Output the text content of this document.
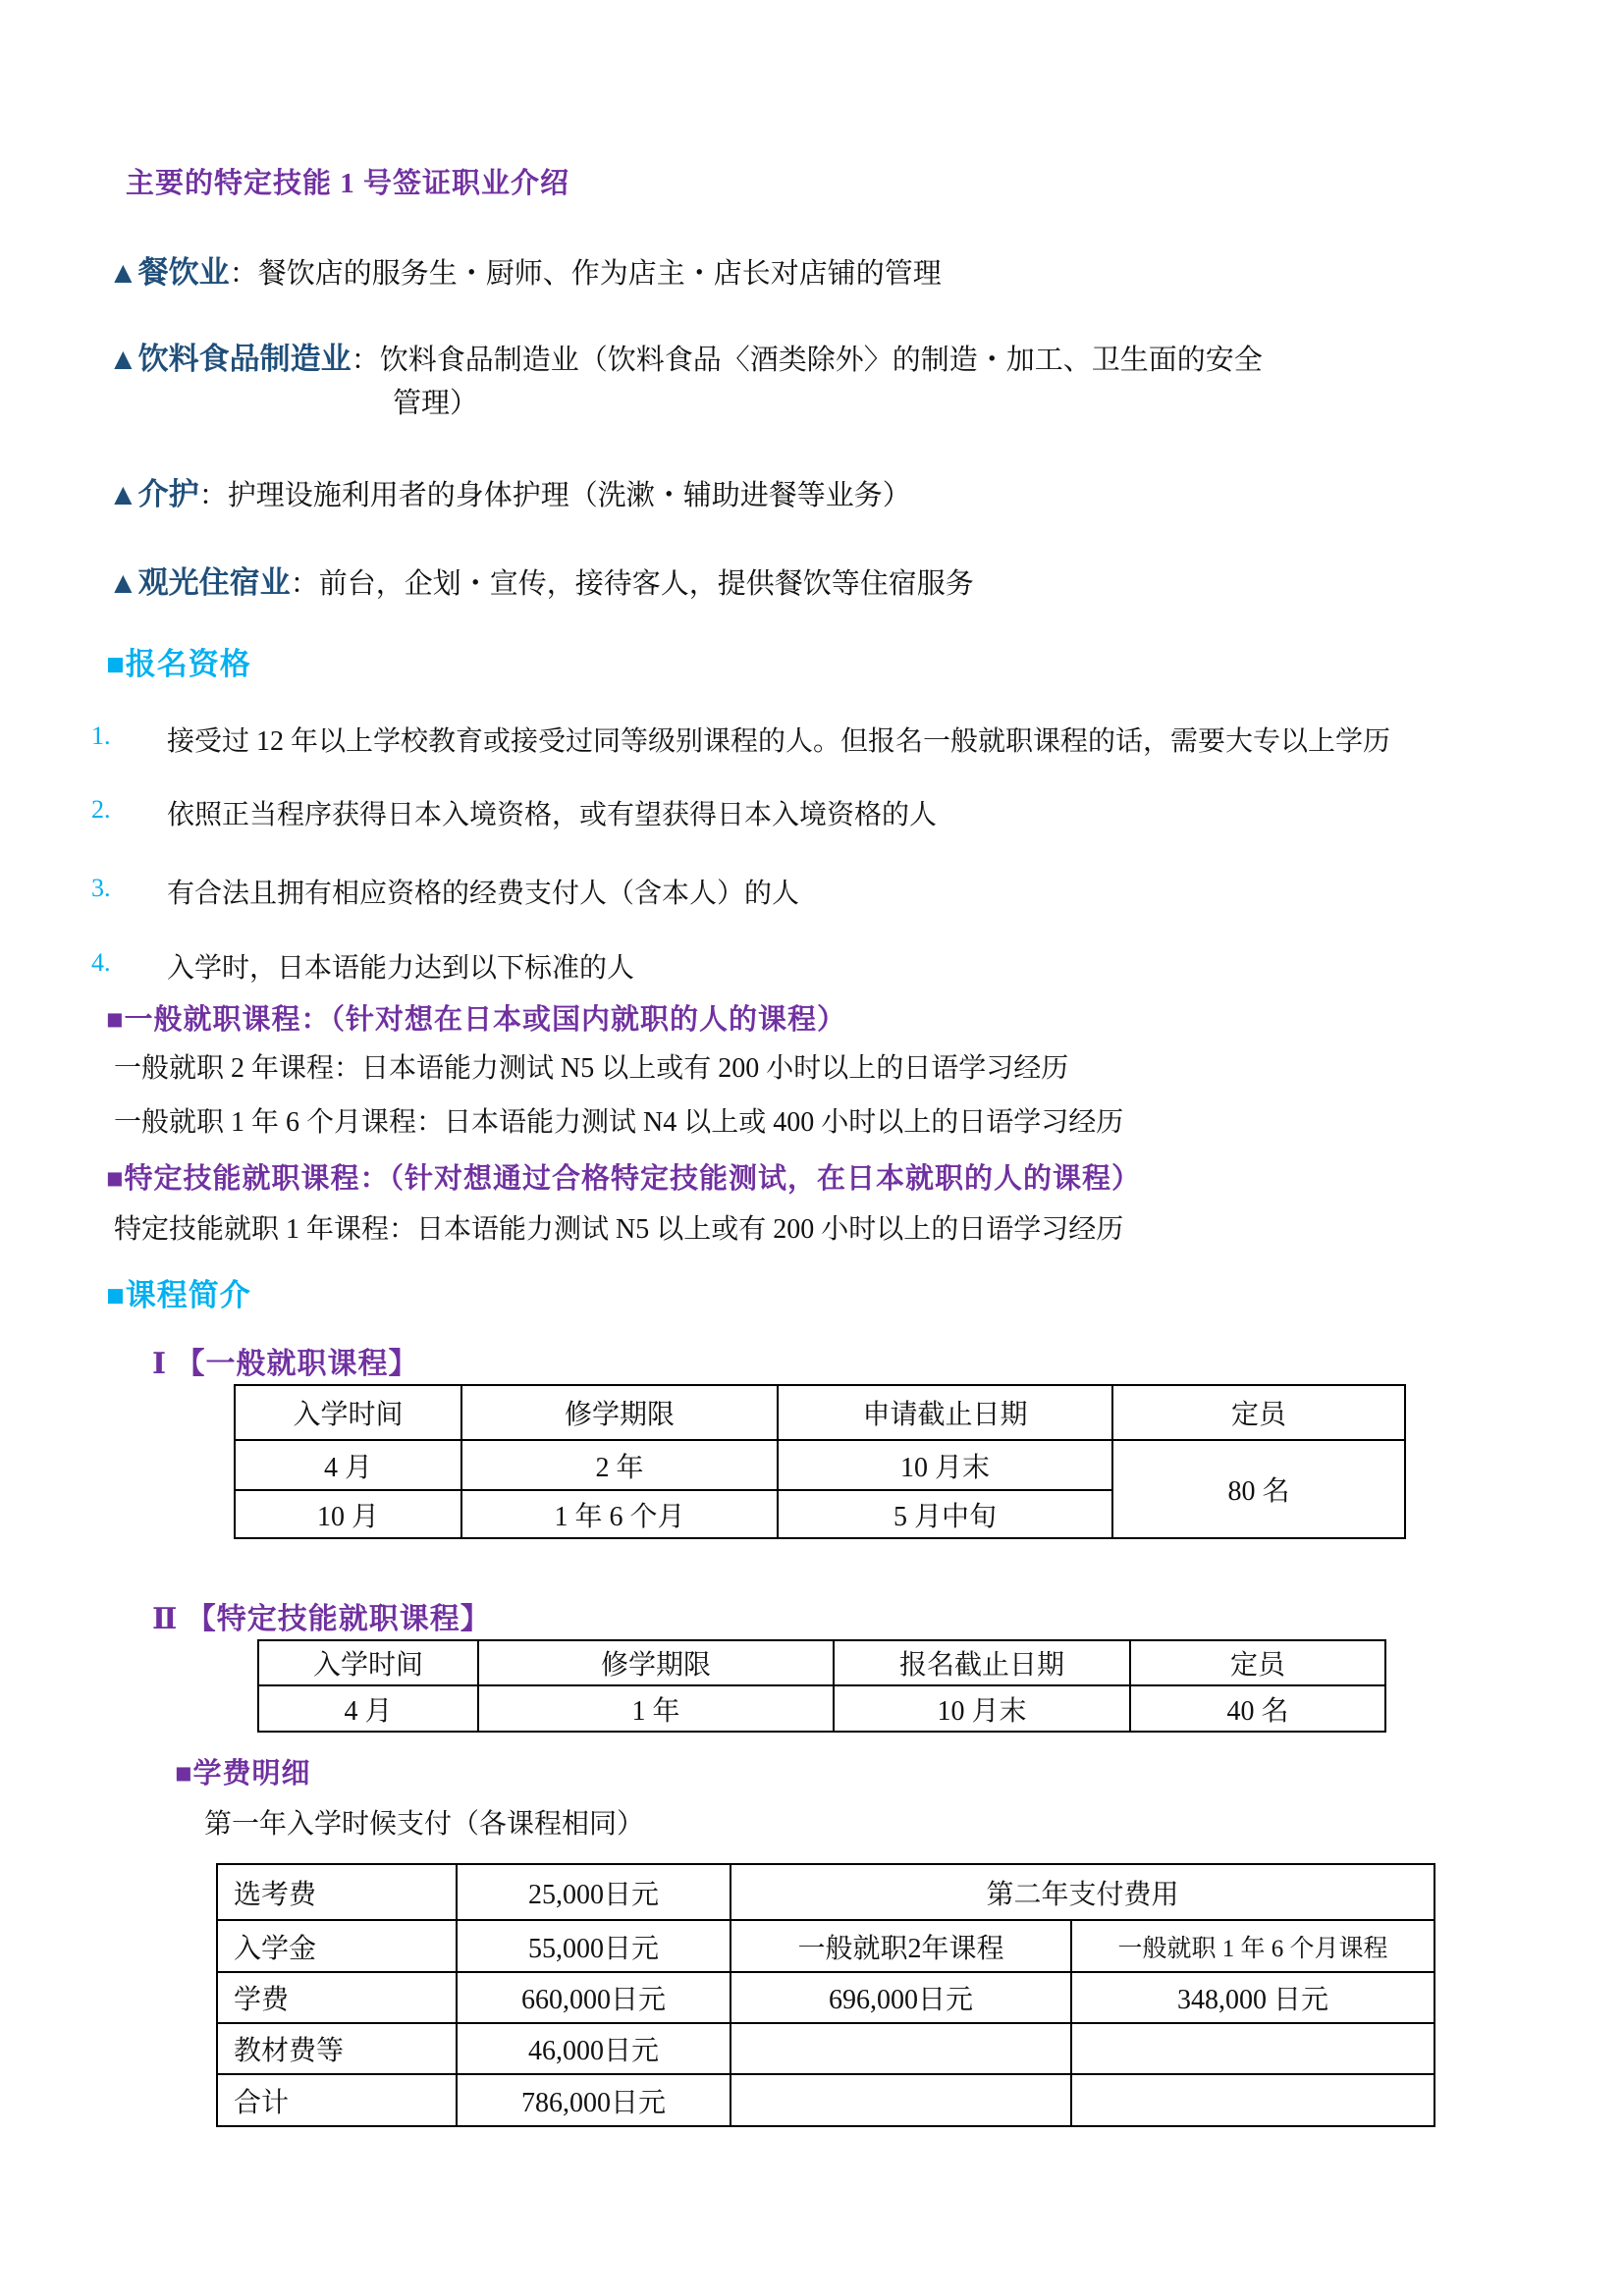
主要的特定技能 1 号签证职业介绍
▲餐饮业：餐饮店的服务生・厨师、作为店主・店长对店铺的管理
▲饮料食品制造业：饮料食品制造业（饮料食品〈酒类除外〉的制造・加工、卫生面的安全
管理）
▲介护：护理设施利用者的身体护理（洗漱・辅助进餐等业务）
▲观光住宿业：前台，企划・宣传，接待客人，提供餐饮等住宿服务
■报名资格
1. 接受过 12 年以上学校教育或接受过同等级别课程的人。但报名一般就职课程的话，需要大专以上学历
2. 依照正当程序获得日本入境资格，或有望获得日本入境资格的人
3. 有合法且拥有相应资格的经费支付人（含本人）的人
4. 入学时，日本语能力达到以下标准的人
■一般就职课程：（针对想在日本或国内就职的人的课程）
一般就职 2 年课程：日本语能力测试 N5 以上或有 200 小时以上的日语学习经历
一般就职 1 年 6 个月课程：日本语能力测试 N4 以上或 400 小时以上的日语学习经历
■特定技能就职课程：（针对想通过合格特定技能测试，在日本就职的人的课程）
特定技能就职 1 年课程：日本语能力测试 N5 以上或有 200 小时以上的日语学习经历
■课程简介
Ⅰ 【一般就职课程】
入学时间	修学期限	申请截止日期	定员
4 月	2 年	10 月末	80 名
10 月	1 年 6 个月	5 月中旬	
Ⅱ 【特定技能就职课程】
入学时间	修学期限	报名截止日期	定员
4 月	1 年	10 月末	40 名
■学费明细
第一年入学时候支付（各课程相同）
选考费	25,000日元	第二年支付费用	
入学金	55,000日元	一般就职2年课程	一般就职 1 年 6 个月课程
学费	660,000日元	696,000日元	348,000 日元
教材费等	46,000日元		
合计	786,000日元		
